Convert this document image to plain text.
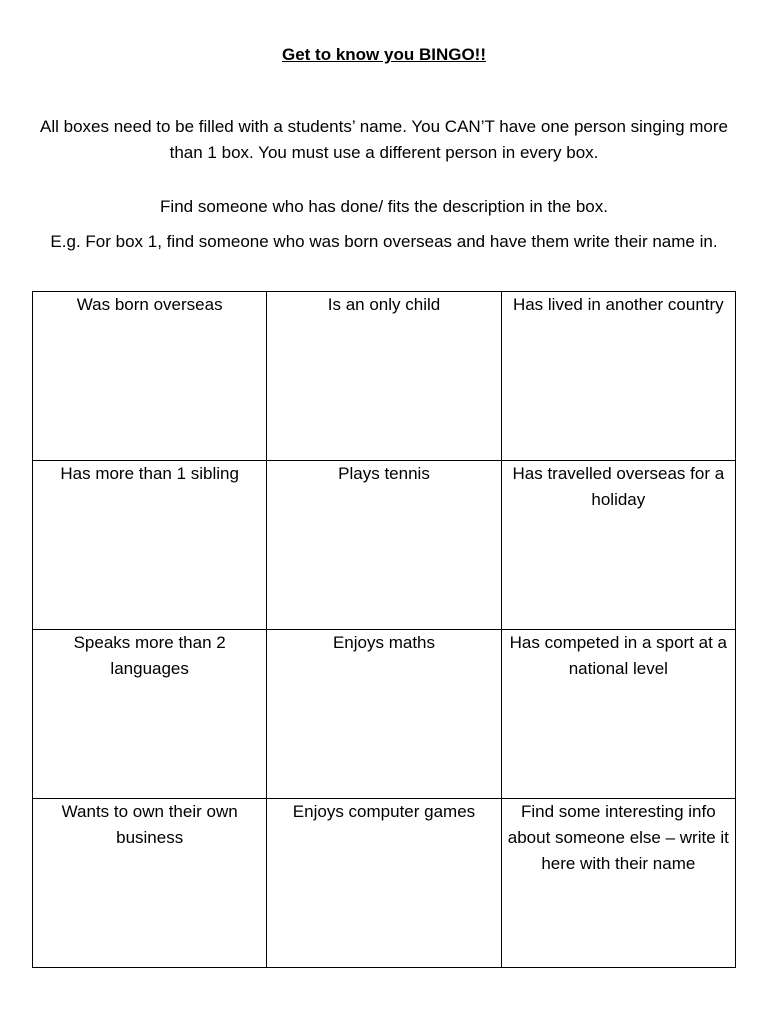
Get to know you BINGO!!

All boxes need to be filled with a students’ name. You CAN’T have one person singing more than 1 box. You must use a different person in every box.

Find someone who has done/ fits the description in the box.

E.g. For box 1, find someone who was born overseas and have them write their name in.

Was born overseas	Is an only child	Has lived in another country
Has more than 1 sibling	Plays tennis	Has travelled overseas for a holiday
Speaks more than 2 languages	Enjoys maths	Has competed in a sport at a national level
Wants to own their own business	Enjoys computer games	Find some interesting info about someone else – write it here with their name
